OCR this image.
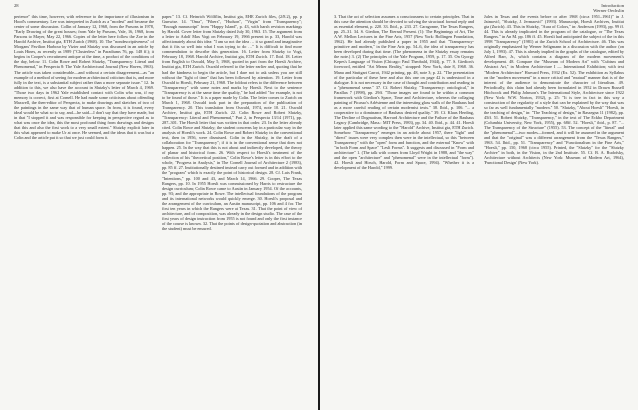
28

perience" this time, however, with reference to the importance of illusionism in Hood's commentary. Lee was interpreted in Zurich as a "modest" and became the center of some discussion. Collin of January 12, 1968, from the Parsons in 1978, "Early Drawing of the great houses; from Yale by Parsons, Vale, 16, 1968, from Parsons to Mayer, May 22, 1966. Copies of the letter here follow the Zoe in the Harold Archive, Institut gta, ETH Zurich (1968). 10. The "nondescriptiveness" of Morgans' Pavilion Harbour by Vizier and Slutzky was discussed in an article by Louis Hines, as recently as 1989 ("Clusterless" in Paradiums 76, pp. 148 ff.); it begins in Cooper's recruitment antique at the time, a product of the conditions of the day, below. 11. Colin Rowe and Robert Slutzky, "Transparency: Literal and Phenomenal," in Perspecta 8: The Yale Architectural Journal (New Haven, 1963). The article was taken considerable—and without a certain disagreement—as "an example of a method of seeing for modern architectural criticism that is, and more fully in the text, is a substantial subject rather than a more separate issue." 12. In addition to this, we also have the account in Slutzky's letter of March 4, 1969. "Those two days in 1962 Yale established contact with Colin who was, if my memory is correct, first at Cornell. He had made some criticisms about offending Maxwell, the then-editor of Perspecta, to make drawings and sketches of two of the paintings in the same way that of human space. In from, it is found, every ideal would be what so to say, and—he said—I don't say that they have made, but in that "I stopped it and was responsible for keeping in perspective regard as to what was once the idea, this the most profound thing from drawings and designs that this and also the first work to a very small extent." Slutzky explicit later in this what appeared to make Ur at once. He seemed, and the ideas that it was but a Colin and the article put it so that we just could form it.

paper." 13. Cf. Heinrich Wölfflin, Institut gta, EHE Zurich files, (2/8.2), pp. p Gunwise. 14. "Oma", "Fibers", "Hudson", "Virgin" from "Transparency"; "Enough manuscript" from "Happy Island", p. 43, with harsh revision markings by Harold. Cover letter from Slutzky dated July 30, 1963. 15. The argument from a letter to Adolf Max Vogt on February 19, 1966 present in p. 33, Harold was affectionately about this idea: "I am so not the idea … it so grand and imaginative that it fits so well into what I was trying to do …" It is difficult to find more commendation to describe this generation. 16. Letter from Slutzky to Vogt, February 18, 1968. Harold Archive, Institut gta, ETH Zurich. 17. Ibid. 18. Letter from English to Oswald, May 5, 1968, quoted in part from the Hoesli Archive, Institut gta, ETH Zurich. Oswald referred to the letter earlier and, quoting that he had the kindness to begin the article, but I dare not to ask unless you are still without the "light of time" that has been followed by attention. 19. Letter from Oswald to Hoesli, February 21, 1968. The foldout refers to the difference between "Transparency" with some notes and marks by Hoesli. Next to the sentence "Transparency is at the same time the quality," he had added "for example, is not to be found of those." It is a paper made by Colin. The letter comes to Zurich on March 1, 1968. Oswald took part in the preparation of the publication of Transparency. 20. This translation from Oswald, 1974, note 10. 21. Oswald Archive, Institut gta, ETH Zurich. 22. Colin Rowe and Robert Slutzky, "Transparency: Literal and Phenomenal," Part 2, in Perspecta 13/14 (1971), pp. 287–301. The Hoesli letter that was written in that order. 23. In the letter already cited. Colin Rowe and Slutzky; the student concerns lay in a particular way in the analysis of Hoesli's work. 24. Colin Rowe and Robert Slutzky in the conventional text, then in 1956, were dismissed. Colin in the Slutzky, in the draft of a collaboration for "Transparency"; if it is in the conventional sense that does not happen. 25. In the way that this is not about and indirectly developed, the theory of planar and historical form. 26. With respect to Hoesli's treatment of the collection of his "theoretical position," Colin Rowe's letter is in this effort to the whole, "Progress in Analysis," in The Cornell Journal of Architecture 2 (1983), pp. 85 ff. 27. Institutionally destined instead carry out formed and in addition with the "program" which is exactly the point of historical design. 28. Cf. Luis Frank, "Intentions," pp. 100 and 43, and March 14, 1966. 29. Cooper, The Texas Rangers, pp. 10. In 1955 Hoesli was commissioned by Harris to restructure the design curriculum; Colin Rowe came to Austin in January 1954. Of the accounts, pp. 93; and the appropriate in Rowe. The intellectual foundations of the program and its international networks would quickly emerge. 30. Hoesli's proposal and the arrangement of the curriculum, an Austin manuscript, pp. 106 and 4 for. The first ten years in which the Rangers were at Texas. 31. That the point of view of architecture, and of composition, was already in the design studio. The case of the first years of design instruction from 1955 is not found and only the first instance of the course is known. 32. That the points of design-quotation and abstraction (in the student) must be ensured.

Introduction
Werner Oechslin

3. That the act of selection assumes a consciousness to certain principles. That in this case the attention should be devoted to solving the structural formal reply and as essential element, p. 220. 33. Ibid., p. 233. 27. Caragonne, The Texas Rangers, pp. 25–31. 34. S. Giedion, The Eternal Present. (1): The Beginnings of Art, The A.W. Mellon Lectures in the Fine Arts, 1957 (New York: Bollingen Foundation, 1962). He had already published a paper in 1955 and that "Transparency-primitive and modern," in the Fine Arts pp. 54–6, the idea of transparency has been developed during that time. (The phenomena in the Slutzky essay remains the note.) 3. (2) The principles of the Yale Program, 1959, p. 17. 35. On Gyorgy Kepes's Language of Vision (Chicago: Paul Theobald, 1944), p. 77. S. Giedion's foreword, entitled "Art Means Reality," strapped: New York, date 8, 1968. 36. Manu and Stuttgart Carrot, 1942 printing, pp. 48, note 3; p. 22. "The presentation of the particular of these here and also this one on page 42 is understood in a dialogue. It is not necessary in the case of thought and contribution and reading in a "phenomenal sense." 37. Cf. Robert Slutzky, "Transparency: ontological," in Parallax 7 (1998), pp. 29ff. "Those images are found to be within a common framework with Giedion's Space, Time and Architecture, whereas the collaging painting of Picasso's Arlésienne and the interesting glass walls of the Bauhaus had as a more careful reading of certain modernist texts." 38. Ibid., p. 106. "... a cooperative to a dominance of Bauhaus desired quality." 39. Cf. Klaus Herding, The Decline of Dogmatism, Harvard Architecture and the Failure of the Bauhaus Legacy (Cambridge, Mass.: MIT Press, 1983), pp. 34. 40. Ibid., p. 44. 41. Hoesli later applied this same wording to the "Harold" Archive, Institut gta, ETH Zurich. Somehow "Transparency" emerges in an article about 1957, there "light" and "direct" issues were very complex then were in the intellectual, so this "between Transparency" with the "open" form and function, and the external "Know" with "in both Form and Space" "Lesli Forms". It suggests and discussed in "Form and architecture" 1. (The talk with comes from Lloyd Wright in 1988, and "the way" and the open "architecture" and "phenomenal" were in the intellectual "form"). 42. Hoesli and Hirsch, Harold, Form and Space, 1994). "Whether it is a development of the Harold," 1999.

Jules in Texas and the events before or after 1968 (circa 1951–1961)" in J. Jaimovič, "Slutzky, J. Jermaović" (1993). Manuscript, Hoesli Archives, Institut gta (Zurich). 43. This in Slutzky, "Aura of Colors," in: Anderson (1993), pp. 99 ff. 44. This is already implicated in the program of the catalogue, or "The Texas Rangers." in An M. pp. 186 ff. 45. Hoesli had anticipated the subject of the in this 1998 "Transparency" (1981) at the Zurich School of Architecture. 46. This was originally emphasized by Werner Seligmann in a discussion with the author (on July 1, 1993). 47. This is already implied in the graphs of the catalogue, edited by Alfred Barr, Jr., which contains a diagram of the modern movement's development. 48. Compare the "Museum of Modern Art" with "Cubism and Abstract Art," in Modern Architecture I — International Exhibition; with text "Modern Architecture" Harvard Press, 1932 (Ex. 52). The exhibition as Syllabus on the "modern movement" in a more critical and "mutual" manner that is of the interest of the audience to demonstrate the character of literalism. 49. Periodically, this claim had already been formulated in 1952 in Drawn Russell Hitchcock and Philip Johnson's The International Style, Architecture since 1922 (New York: W.W. Norton, 1932), p. 25: "It is tree in fact in this way a construction of the regularity of a style that can be explained by the way that was so far as well fundamentally "modern." 50. "Slutzky, "About Hoesli" "Hoesli, in the teaching of design," in: "The Teaching of design," in Rassegna 11 (1982), pp. 45ff. 51. Robert Slutzky, "Transparency," in the text of The Eckbo Department (Columbia University, New York, 1955), pp. 68ff. 52. "Hoesli," ibid., p. 87. "... The Transparency of the Structure" (1955). 53. The concept of the "literal" and the "phenomenal"—two modes—formed, and it will be assumed in the argument and that the "original" was a different arrangement from the "Texas Rangers," 1963. 54. Ibid., pp. 51. "Transparency" and "Functionalism in the Fine Arts," "Hoesli," pp. 150, 1968 (circa 1955). Printed, the "Slutzky" for the "Slutzky Archive" in both, in the Vision, in the 2nd Institute. 55. Cf. B. A. Rudofsky, Architecture without Architects (New York: Museum of Modern Art, 1964), 'Functional Design' (New York).
